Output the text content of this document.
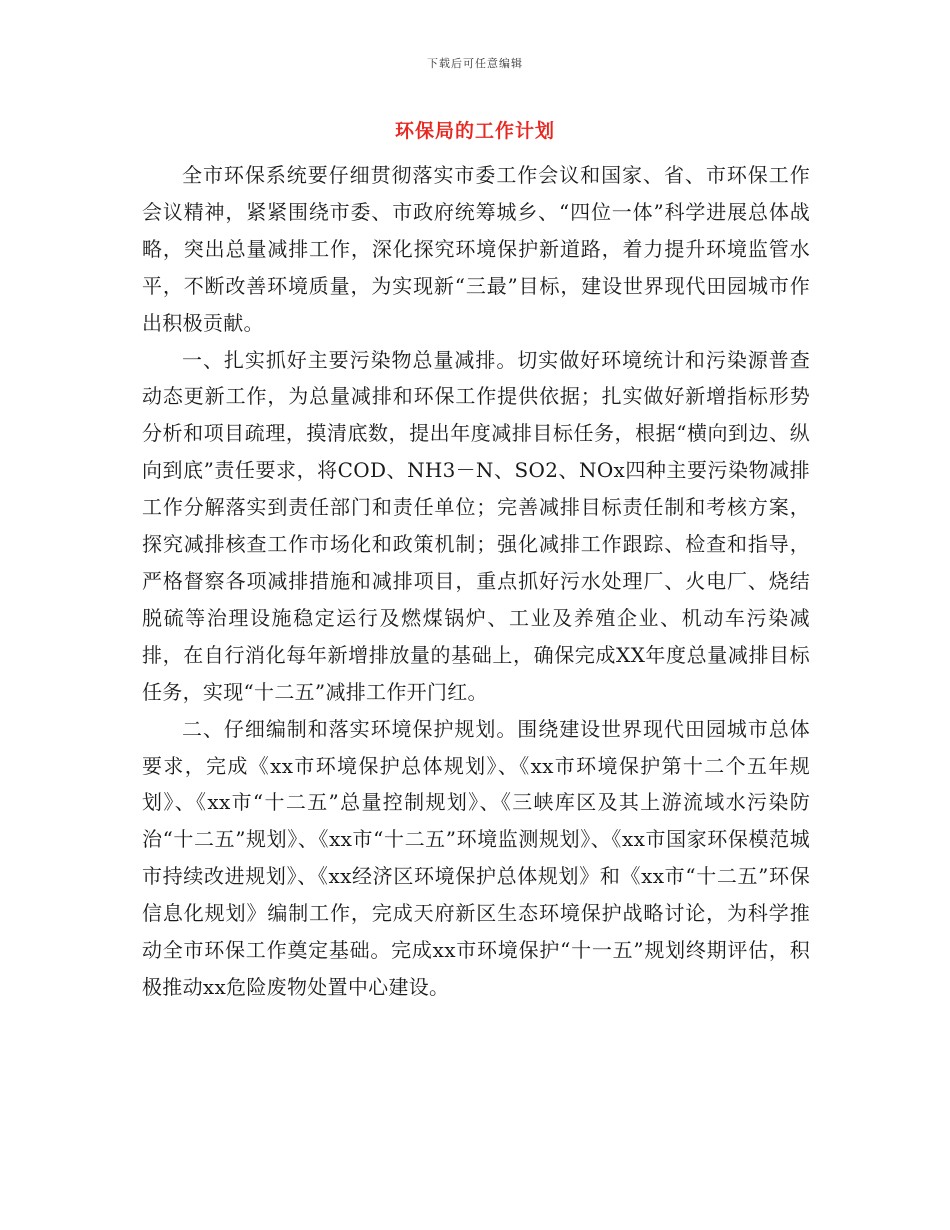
下载后可任意编辑
环保局的工作计划

全市环保系统要仔细贯彻落实市委工作会议和国家、省、市环保工作会议精神，紧紧围绕市委、市政府统筹城乡、“四位一体”科学进展总体战略，突出总量减排工作，深化探究环境保护新道路，着力提升环境监管水平，不断改善环境质量，为实现新“三最”目标，建设世界现代田园城市作出积极贡献。

一、扎实抓好主要污染物总量减排。切实做好环境统计和污染源普查动态更新工作，为总量减排和环保工作提供依据；扎实做好新增指标形势分析和项目疏理，摸清底数，提出年度减排目标任务，根据“横向到边、纵向到底”责任要求，将COD、NH3－N、SO2、NOx四种主要污染物减排工作分解落实到责任部门和责任单位；完善减排目标责任制和考核方案，探究减排核查工作市场化和政策机制；强化减排工作跟踪、检查和指导，严格督察各项减排措施和减排项目，重点抓好污水处理厂、火电厂、烧结脱硫等治理设施稳定运行及燃煤锅炉、工业及养殖企业、机动车污染减排，在自行消化每年新增排放量的基础上，确保完成XX年度总量减排目标任务，实现“十二五”减排工作开门红。

二、仔细编制和落实环境保护规划。围绕建设世界现代田园城市总体要求，完成《xx市环境保护总体规划》、《xx市环境保护第十二个五年规划》、《xx市“十二五”总量控制规划》、《三峡库区及其上游流域水污染防治“十二五”规划》、《xx市“十二五”环境监测规划》、《xx市国家环保模范城市持续改进规划》、《xx经济区环境保护总体规划》和《xx市“十二五”环保信息化规划》编制工作，完成天府新区生态环境保护战略讨论，为科学推动全市环保工作奠定基础。完成xx市环境保护“十一五”规划终期评估，积极推动xx危险废物处置中心建设。
